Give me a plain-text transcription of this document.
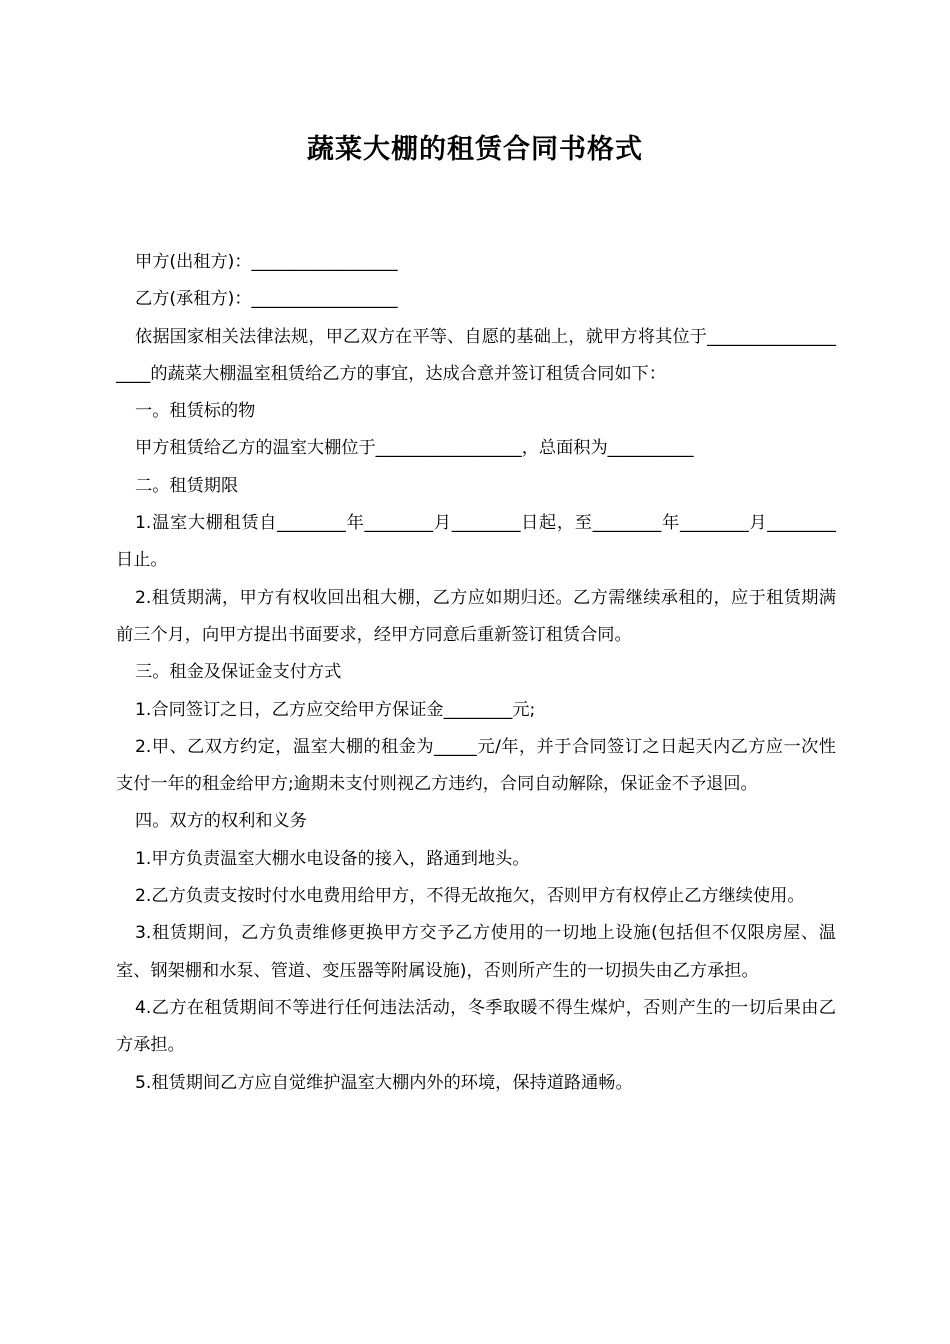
蔬菜大棚的租赁合同书格式

甲方(出租方)：_________________

乙方(承租方)：_________________

依据国家相关法律法规，甲乙双方在平等、自愿的基础上，就甲方将其位于___________________的蔬菜大棚温室租赁给乙方的事宜，达成合意并签订租赁合同如下：

一。租赁标的物

甲方租赁给乙方的温室大棚位于_________________，总面积为__________

二。租赁期限

1.温室大棚租赁自________年________月________日起，至________年________月________日止。

2.租赁期满，甲方有权收回出租大棚，乙方应如期归还。乙方需继续承租的，应于租赁期满前三个月，向甲方提出书面要求，经甲方同意后重新签订租赁合同。

三。租金及保证金支付方式

1.合同签订之日，乙方应交给甲方保证金________元;

2.甲、乙双方约定，温室大棚的租金为_____元/年，并于合同签订之日起天内乙方应一次性支付一年的租金给甲方;逾期未支付则视乙方违约，合同自动解除，保证金不予退回。

四。双方的权利和义务

1.甲方负责温室大棚水电设备的接入，路通到地头。

2.乙方负责支按时付水电费用给甲方，不得无故拖欠，否则甲方有权停止乙方继续使用。

3.租赁期间，乙方负责维修更换甲方交予乙方使用的一切地上设施(包括但不仅限房屋、温室、钢架棚和水泵、管道、变压器等附属设施)，否则所产生的一切损失由乙方承担。

4.乙方在租赁期间不等进行任何违法活动，冬季取暖不得生煤炉，否则产生的一切后果由乙方承担。

5.租赁期间乙方应自觉维护温室大棚内外的环境，保持道路通畅。
